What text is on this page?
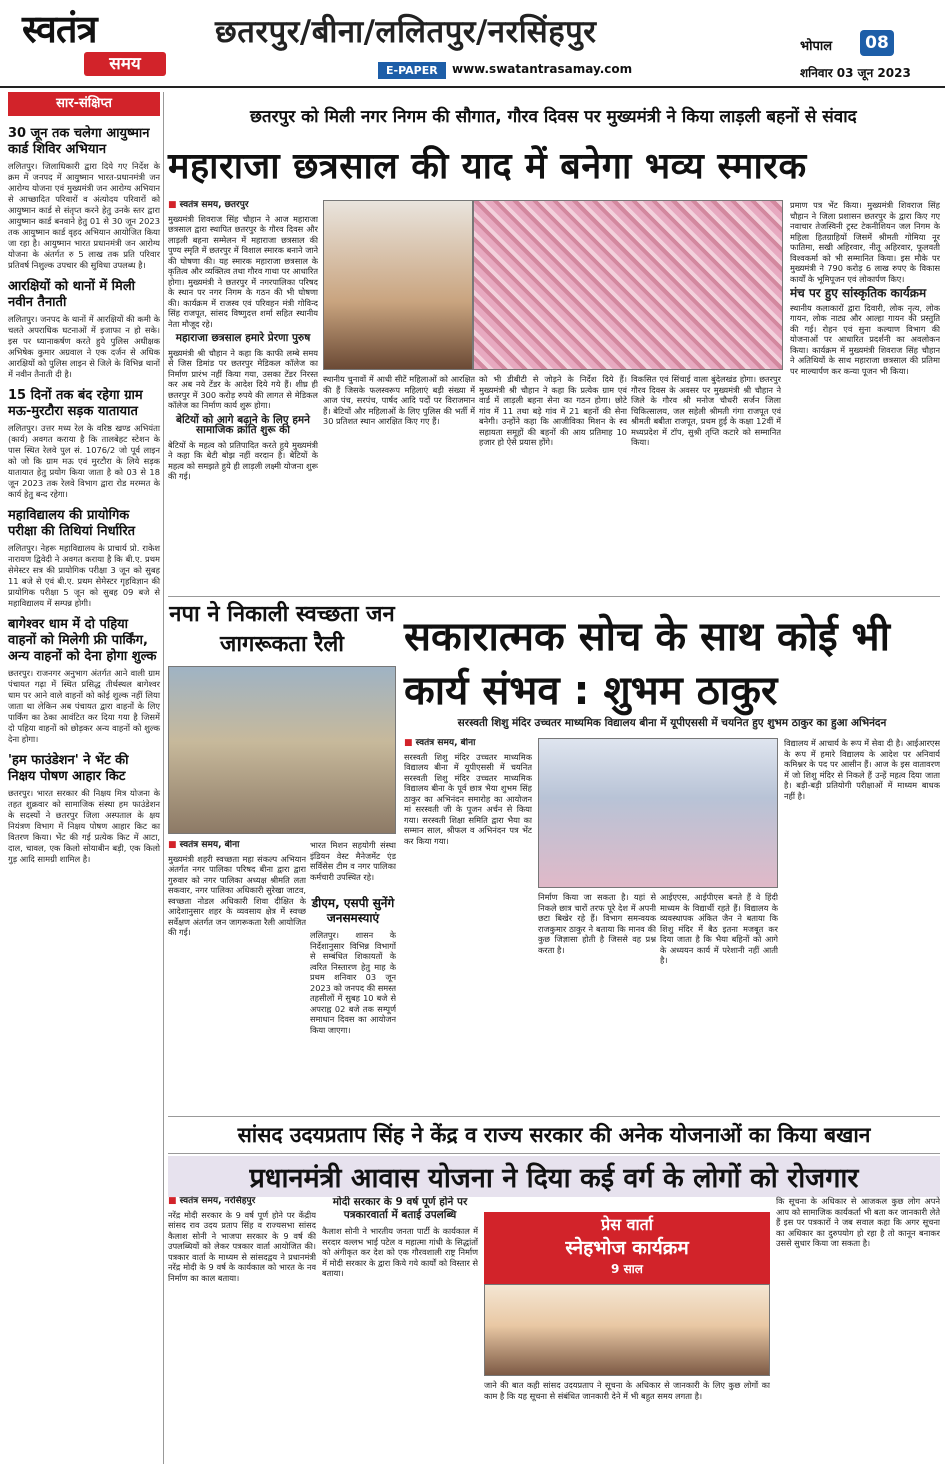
स्वतंत्र
समय
छतरपुर/बीना/ललितपुर/नरसिंहपुर
E-PAPER	www.swatantrasamay.com
भोपाल	08
शनिवार 03 जून 2023
सार-संक्षिप्त
30 जून तक चलेगा आयुष्मान कार्ड शिविर अभियान

ललितपुर। जिलाधिकारी द्वारा दिये गए निर्देश के क्रम में जनपद में आयुष्मान भारत-प्रधानमंत्री जन आरोग्य योजना एवं मुख्यमंत्री जन आरोग्य अभियान से आच्छादित परिवारों व अंत्योदय परिवारों को आयुष्मान कार्ड से संतृप्त करने हेतु उनके स्तर द्वारा आयुष्मान कार्ड बनवाने हेतु 01 से 30 जून 2023 तक आयुष्मान कार्ड वृहद अभियान आयोजित किया जा रहा है। आयुष्मान भारत प्रधानमंत्री जन आरोग्य योजना के अंतर्गत रु 5 लाख तक प्रति परिवार प्रतिवर्ष निशुल्क उपचार की सुविधा उपलब्ध है।

आरक्षियों को थानों में मिली नवीन तैनाती

ललितपुर। जनपद के थानों में आरक्षियों की कमी के चलते अपराधिक घटनाओं में इजाफा न हो सके। इस पर ध्यानाकर्षण करते हुये पुलिस अधीक्षक अभिषेक कुमार अग्रवाल ने एक दर्जन से अधिक आरक्षियों को पुलिस लाइन से जिले के विभिन्न थानों में नवीन तैनाती दी है।

15 दिनों तक बंद रहेगा ग्राम मऊ-मुरटौरा सड़क यातायात

ललितपुर। उत्तर मध्य रेल के वरिष्ठ खण्ड अभियंता (कार्य) अवगत कराया है कि तालबेहट स्टेशन के पास स्थित रेलवे पुल सं. 1076/2 जो पूर्व लाइन को जो कि ग्राम मऊ एवं मुरटौरा के लिये सड़क यातायात हेतु प्रयोग किया जाता है को 03 से 18 जून 2023 तक रेलवे विभाग द्वारा रोड मरम्मत के कार्य हेतु बन्द रहेगा।

महाविद्यालय की प्रायोगिक परीक्षा की तिथियां निर्धारित

ललितपुर। नेहरू महाविद्यालय के प्राचार्य प्रो. राकेश नारायण द्विवेदी ने अवगत कराया है कि बी.ए. प्रथम सेमेस्टर सत्र की प्रायोगिक परीक्षा 3 जून को सुबह 11 बजे से एवं बी.ए. प्रथम सेमेस्टर गृहविज्ञान की प्रायोगिक परीक्षा 5 जून को सुबह 09 बजे से महाविद्यालय में सम्पन्न होगी।

बागेश्वर धाम में दो पहिया वाहनों को मिलेगी फ्री पार्किंग, अन्य वाहनों को देना होगा शुल्क

छतरपुर। राजनगर अनुभाग अंतर्गत आने वाली ग्राम पंचायत गढ़ा में स्थित प्रसिद्ध तीर्थस्थल बागेश्वर धाम पर आने वाले वाहनों को कोई शुल्क नहीं लिया जाता था लेकिन अब पंचायत द्वारा वाहनों के लिए पार्किंग का ठेका आवंटित कर दिया गया है जिसमें दो पहिया वाहनों को छोड़कर अन्य वाहनों को शुल्क देना होगा।

'हम फाउंडेशन' ने भेंट की निक्षय पोषण आहार किट

छतरपुर। भारत सरकार की निक्षय मित्र योजना के तहत शुक्रवार को सामाजिक संस्था हम फाउंडेशन के सदस्यों ने छतरपुर जिला अस्पताल के क्षय नियंत्रण विभाग में निक्षय पोषण आहार किट का वितरण किया। भेंट की गई प्रत्येक किट में आटा, दाल, चावल, एक किलो सोयाबीन बड़ी, एक किलो गुड़ आदि सामग्री शामिल है।

छतरपुर को मिली नगर निगम की सौगात, गौरव दिवस पर मुख्यमंत्री ने किया लाड़ली बहनों से संवाद
महाराजा छत्रसाल की याद में बनेगा भव्य स्मारक
■ स्वतंत्र समय, छतरपुर
मुख्यमंत्री शिवराज सिंह चौहान ने आज महाराजा छत्रसाल द्वारा स्थापित छतरपुर के गौरव दिवस और लाड़ली बहना सम्मेलन में महाराजा छत्रसाल की पुण्य स्मृति में छतरपुर में विशाल स्मारक बनाने जाने की घोषणा की। यह स्मारक महाराजा छत्रसाल के कृतित्व और व्यक्तित्व तथा गौरव गाथा पर आधारित होगा। मुख्यमंत्री ने छतरपुर में नगरपालिका परिषद के स्थान पर नगर निगम के गठन की भी घोषणा की। कार्यक्रम में राजस्व एवं परिवहन मंत्री गोविन्द सिंह राजपूत, सांसद विष्णुदत्त शर्मा सहित स्थानीय नेता मौजूद रहे।
महाराजा छत्रसाल हमारे प्रेरणा पुरुष
मुख्यमंत्री श्री चौहान ने कहा कि काफी लम्बे समय से जिस डिमांड पर छतरपुर मेडिकल कॉलेज का निर्माण प्रारंभ नहीं किया गया, उसका टेंडर निरस्त कर अब नये टेंडर के आदेश दिये गये हैं। शीघ्र ही छतरपुर में 300 करोड़ रुपये की लागत से मेडिकल कॉलेज का निर्माण कार्य शुरू होगा।
बेटियों को आगे बढ़ाने के लिए हमने सामाजिक क्रांति शुरू की
बेटियों के महत्व को प्रतिपादित करते हुये मुख्यमंत्री ने कहा कि बेटी बोझ नहीं वरदान है। बेटियों के महत्व को समझते हुये ही लाड़ली लक्ष्मी योजना शुरू की गई।
स्थानीय चुनावों में आधी सीटें महिलाओं को आरक्षित की हैं जिसके फलस्वरूप महिलाएं बड़ी संख्या में आज पंच, सरपंच, पार्षद आदि पदों पर विराजमान हैं। बेटियों और महिलाओं के लिए पुलिस की भर्ती में 30 प्रतिशत स्थान आरक्षित किए गए हैं।
को भी डीबीटी से जोड़ने के निर्देश दिये हैं। मुख्यमंत्री श्री चौहान ने कहा कि प्रत्येक ग्राम एवं वार्ड में लाड़ली बहना सेना का गठन होगा। छोटे गांव में 11 तथा बड़े गांव में 21 बहनों की सेना बनेगी। उन्होंने कहा कि आजीविका मिशन के स्व सहायता समूहों की बहनों की आय प्रतिमाह 10 हजार हो ऐसे प्रयास होंगे।
विकसित एवं सिंचाई वाला बुंदेलखंड होगा। छतरपुर गौरव दिवस के अवसर पर मुख्यमंत्री श्री चौहान ने जिले के गौरव श्री मनोज चौधरी सर्जन जिला चिकित्सालय, जल सहेली श्रीमती गंगा राजपूत एवं श्रीमती बबीता राजपूत, प्रथम हुई के कक्षा 12वीं में मध्यप्रदेश में टॉप, सुश्री तृप्ति कटारे को सम्मानित किया।
प्रमाण पत्र भेंट किया। मुख्यमंत्री शिवराज सिंह चौहान ने जिला प्रशासन छतरपुर के द्वारा किए गए नवाचार तेजस्विनी ट्रस्ट टेकनीशियन जल निगम के महिला हितग्राहियों जिसमें श्रीमती गोमिया नूर फातिमा, सखी अहिरवार, नीतू अहिरवार, फूलवती विश्वकर्मा को भी सम्मानित किया। इस मौके पर मुख्यमंत्री ने 790 करोड़ 6 लाख रुपए के विकास कार्यों के भूमिपूजन एवं लोकार्पण किए।
मंच पर हुए सांस्कृतिक कार्यक्रम
स्थानीय कलाकारों द्वारा दिवारी, लोक नृत्य, लोक गायन, लोक नाट्य और आल्हा गायन की प्रस्तुति की गई। रोहन एवं सुना कल्याण विभाग की योजनाओं पर आधारित प्रदर्शनी का अवलोकन किया। कार्यक्रम में मुख्यमंत्री शिवराज सिंह चौहान ने अतिथियों के साथ महाराजा छत्रसाल की प्रतिमा पर माल्यार्पण कर कन्या पूजन भी किया।
नपा ने निकाली स्वच्छता जन जागरूकता रैली
■ स्वतंत्र समय, बीना
मुख्यमंत्री शहरी स्वच्छता महा संकल्प अभियान अंतर्गत नगर पालिका परिषद बीना द्वारा द्वारा गुरुवार को नगर पालिका अध्यक्ष श्रीमति लता सकवार, नगर पालिका अधिकारी सुरेखा जाटव, स्वच्छता नोडल अधिकारी शिवा दीक्षित के आदेशानुसार शहर के व्यवसाय क्षेत्र में स्वच्छ सर्वेक्षण अंतर्गत जन जागरूकता रैली आयोजित की गई।
भारत मिशन सहयोगी संस्था इंडियन वेस्ट मैनेजमेंट एंड सर्विसेस टीम व नगर पालिका कर्मचारी उपस्थित रहे।
डीएम, एसपी सुनेंगे जनसमस्याएं
ललितपुर। शासन के निर्देशानुसार विभिन्न विभागों से सम्बंधित शिकायतों के त्वरित निस्तारण हेतु माह के प्रथम शनिवार 03 जून 2023 को जनपद की समस्त तहसीलों में सुबह 10 बजे से अपराह्न 02 बजे तक सम्पूर्ण समाधान दिवस का आयोजन किया जाएगा।
सकारात्मक सोच के साथ कोई भी कार्य संभव : शुभम ठाकुर
सरस्वती शिशु मंदिर उच्चतर माध्यमिक विद्यालय बीना में यूपीएससी में चयनित हुए शुभम ठाकुर का हुआ अभिनंदन
■ स्वतंत्र समय, बीना
सरस्वती शिशु मंदिर उच्चतर माध्यमिक विद्यालय बीना में यूपीएससी में चयनित सरस्वती शिशु मंदिर उच्चतर माध्यमिक विद्यालय बीना के पूर्व छात्र भैया शुभम सिंह ठाकुर का अभिनंदन समारोह का आयोजन मां सरस्वती जी के पूजन अर्चन से किया गया। सरस्वती शिक्षा समिति द्वारा भैया का सम्मान साल, श्रीफल व अभिनंदन पत्र भेंट कर किया गया।
निर्माण किया जा सकता है। यहां से निकले छात्र चारों तरफ पूरे देश में अपनी छटा बिखेर रहे हैं। विभाग समन्वयक राजकुमार ठाकुर ने बताया कि मानव की कुछ जिज्ञासा होती है जिससे वह प्रश्न करता है।
आईएएस, आईपीएस बनते हैं वे हिंदी माध्यम के विद्यार्थी रहते हैं। विद्यालय के व्यवस्थापक अंकित जैन ने बताया कि शिशु मंदिर में बैठ इतना मजबूत कर दिया जाता है कि भैया बहिनों को आगे के अध्ययन कार्य में परेशानी नहीं आती है।
विद्यालय में आचार्य के रूप में सेवा दी है। आईआरएस के रूप में हमारे विद्यालय के आदेश पर अनिवार्य कमिश्नर के पद पर आसीन हैं। आज के इस वातावरण में जो शिशु मंदिर से निकले हैं उन्हें महत्व दिया जाता है। बड़ी-बड़ी प्रतियोगी परीक्षाओं में माध्यम बाधक नहीं है।
सांसद उदयप्रताप सिंह ने केंद्र व राज्य सरकार की अनेक योजनाओं का किया बखान
प्रधानमंत्री आवास योजना ने दिया कई वर्ग के लोगों को रोजगार
■ स्वतंत्र समय, नरसिंहपुर
नरेंद्र मोदी सरकार के 9 वर्ष पूर्ण होने पर केंद्रीय सांसद राव उदय प्रताप सिंह व राज्यसभा सांसद कैलाश सोनी ने भाजपा सरकार के 9 वर्ष की उपलब्धियों को लेकर पत्रकार वार्ता आयोजित की। पत्रकार वार्ता के माध्यम से सांसदद्वय ने प्रधानमंत्री नरेंद्र मोदी के 9 वर्ष के कार्यकाल को भारत के नव निर्माण का काल बताया।
मोदी सरकार के 9 वर्ष पूर्ण होने पर पत्रकारवार्ता में बताई उपलब्धि
कैलाश सोनी ने भारतीय जनता पार्टी के कार्यकाल में सरदार वल्लभ भाई पटेल व महात्मा गांधी के सिद्धांतों को अंगीकृत कर देश को एक गौरवशाली राष्ट्र निर्माण में मोदी सरकार के द्वारा किये गये कार्यों को विस्तार से बताया।
प्रेस वार्ता
स्नेहभोज कार्यक्रम
9 साल
जाने की बात कही सांसद उदयप्रताप ने सूचना के अधिकार से जानकारी के लिए कुछ लोगों का काम है कि यह सूचना से संबंधित जानकारी देने में भी बहुत समय लगता है।
कि सूचना के अधिकार से आजकल कुछ लोग अपने आप को सामाजिक कार्यकर्ता भी बता कर जानकारी लेते हैं इस पर पत्रकारों ने जब सवाल कहा कि अगर सूचना का अधिकार का दुरुपयोग हो रहा है तो कानून बनाकर उससे सुधार किया जा सकता है।
